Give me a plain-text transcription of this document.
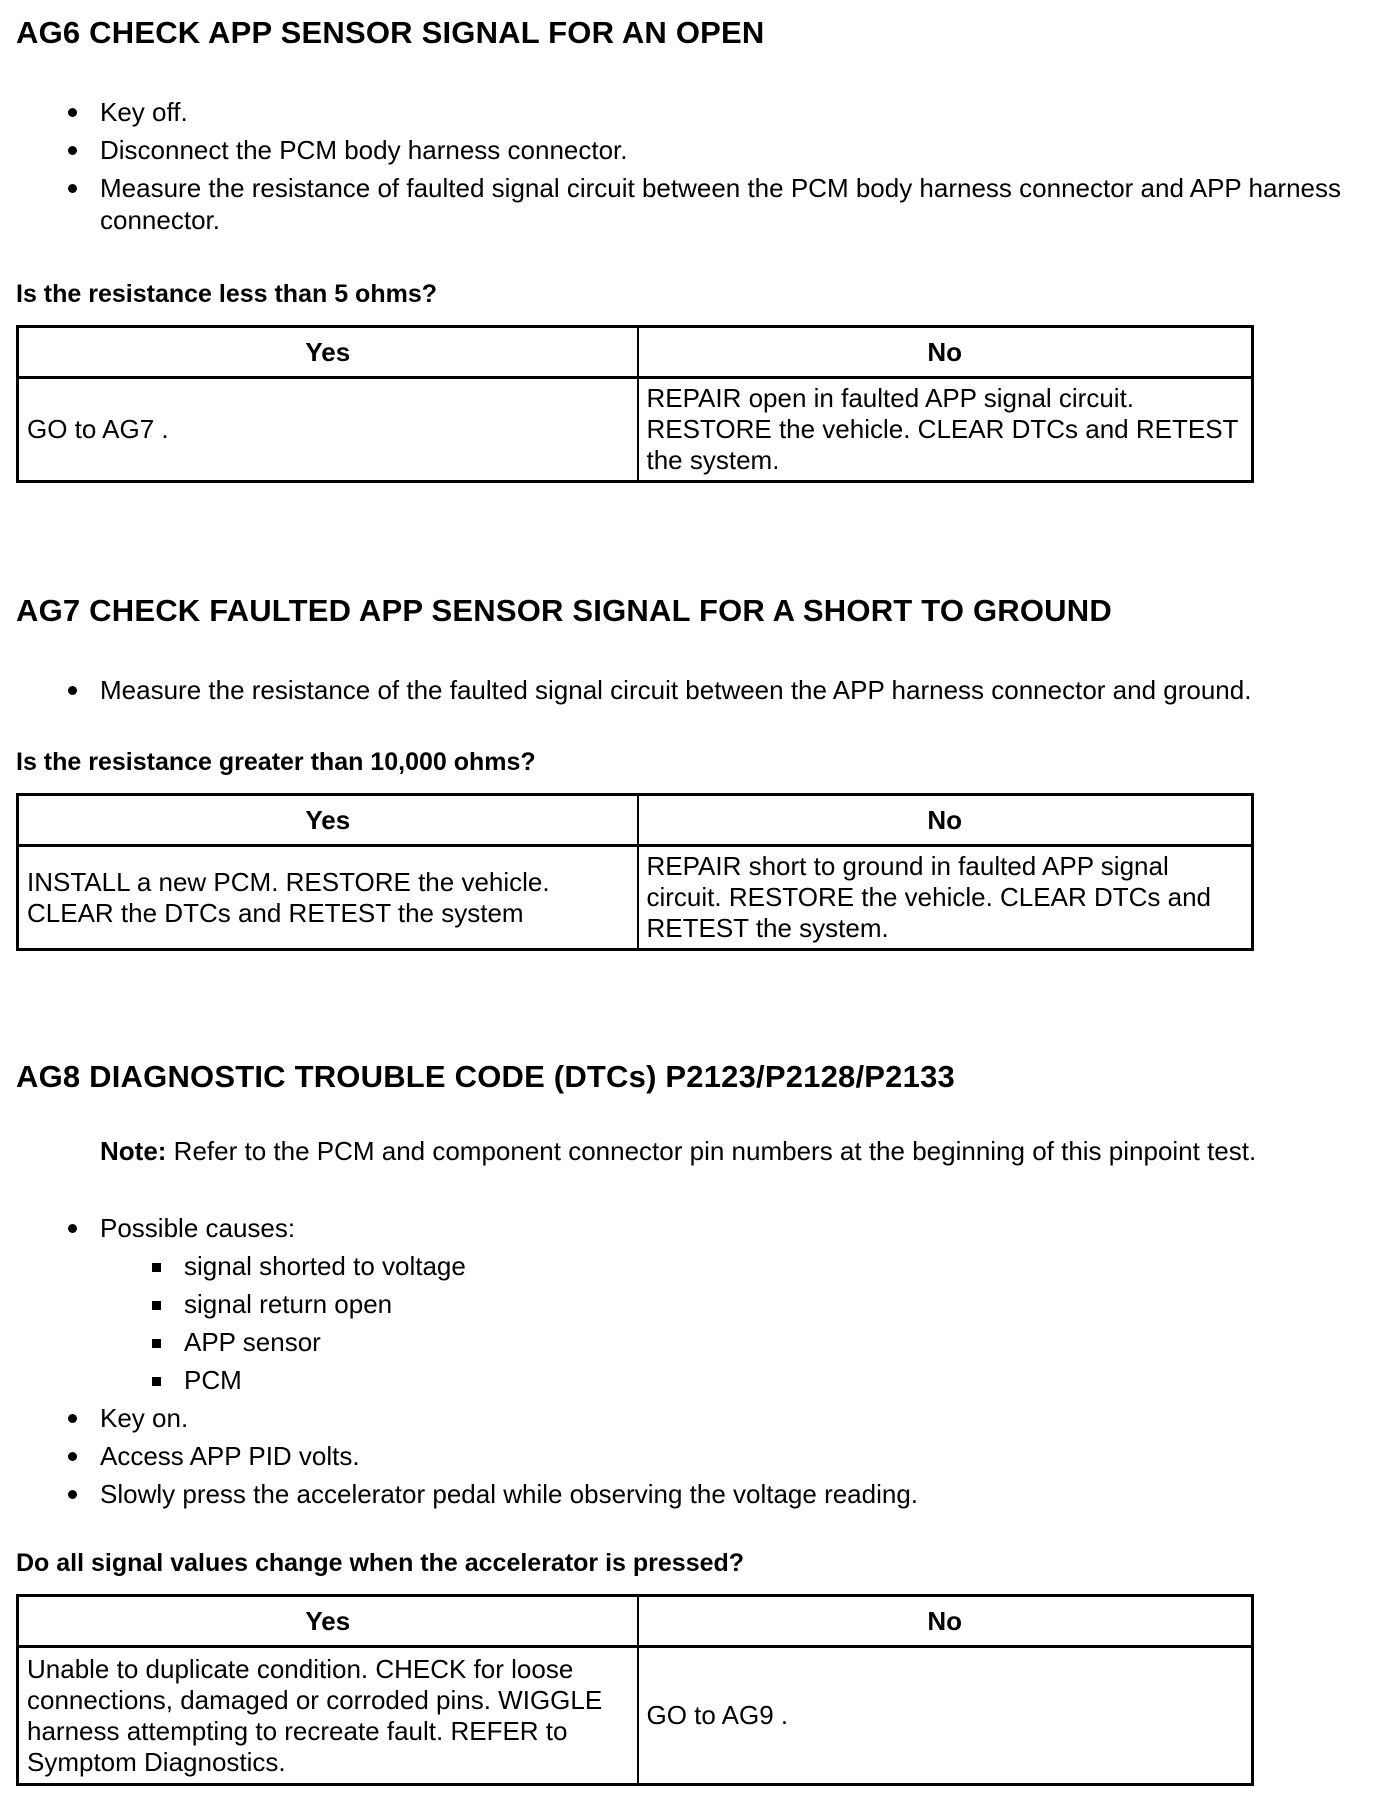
AG6 CHECK APP SENSOR SIGNAL FOR AN OPEN
Key off.
Disconnect the PCM body harness connector.
Measure the resistance of faulted signal circuit between the PCM body harness connector and APP harness connector.
Is the resistance less than 5 ohms?
Yes	No
GO to AG7 .	REPAIR open in faulted APP signal circuit. RESTORE the vehicle. CLEAR DTCs and RETEST the system.
AG7 CHECK FAULTED APP SENSOR SIGNAL FOR A SHORT TO GROUND
Measure the resistance of the faulted signal circuit between the APP harness connector and ground.
Is the resistance greater than 10,000 ohms?
Yes	No
INSTALL a new PCM. RESTORE the vehicle. CLEAR the DTCs and RETEST the system	REPAIR short to ground in faulted APP signal circuit. RESTORE the vehicle. CLEAR DTCs and RETEST the system.
AG8 DIAGNOSTIC TROUBLE CODE (DTCs) P2123/P2128/P2133
Note: Refer to the PCM and component connector pin numbers at the beginning of this pinpoint test.
Possible causes:
signal shorted to voltage
signal return open
APP sensor
PCM
Key on.
Access APP PID volts.
Slowly press the accelerator pedal while observing the voltage reading.
Do all signal values change when the accelerator is pressed?
Yes	No
Unable to duplicate condition. CHECK for loose connections, damaged or corroded pins. WIGGLE harness attempting to recreate fault. REFER to Symptom Diagnostics.	GO to AG9 .
